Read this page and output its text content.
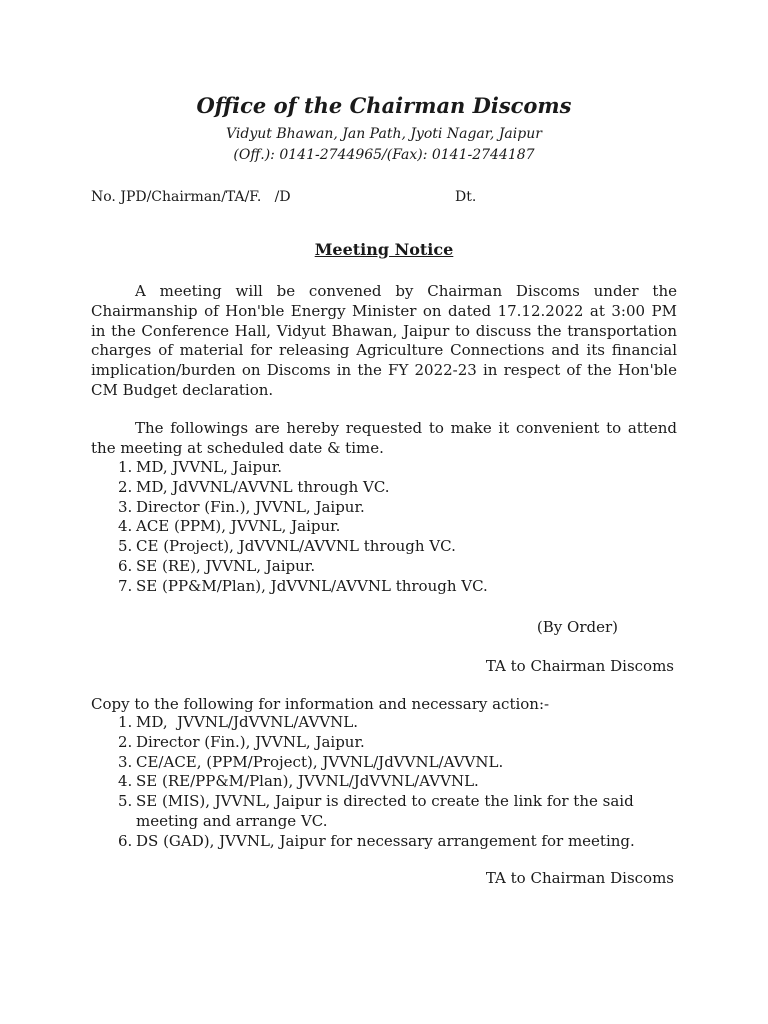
Office of the Chairman Discoms
Vidyut Bhawan, Jan Path, Jyoti Nagar, Jaipur
(Off.): 0141-2744965/(Fax): 0141-2744187
No. JPD/Chairman/TA/F.   /D	Dt.
Meeting Notice

A meeting will be convened by Chairman Discoms under the Chairmanship of Hon'ble Energy Minister on dated 17.12.2022 at 3:00 PM in the Conference Hall, Vidyut Bhawan, Jaipur to discuss the transportation charges of material for releasing Agriculture Connections and its financial implication/burden on Discoms in the FY 2022-23 in respect of the Hon'ble CM Budget declaration.

The followings are hereby requested to make it convenient to attend the meeting at scheduled date & time.

1. MD, JVVNL, Jaipur.
2. MD, JdVVNL/AVVNL through VC.
3. Director (Fin.), JVVNL, Jaipur.
4. ACE (PPM), JVVNL, Jaipur.
5. CE (Project), JdVVNL/AVVNL through VC.
6. SE (RE), JVVNL, Jaipur.
7. SE (PP&M/Plan), JdVVNL/AVVNL through VC.
(By Order)
TA to Chairman Discoms
Copy to the following for information and necessary action:-
1. MD,  JVVNL/JdVVNL/AVVNL.
2. Director (Fin.), JVVNL, Jaipur.
3. CE/ACE, (PPM/Project), JVVNL/JdVVNL/AVVNL.
4. SE (RE/PP&M/Plan), JVVNL/JdVVNL/AVVNL.
5. SE (MIS), JVVNL, Jaipur is directed to create the link for the said meeting and arrange VC.
6. DS (GAD), JVVNL, Jaipur for necessary arrangement for meeting.
TA to Chairman Discoms
